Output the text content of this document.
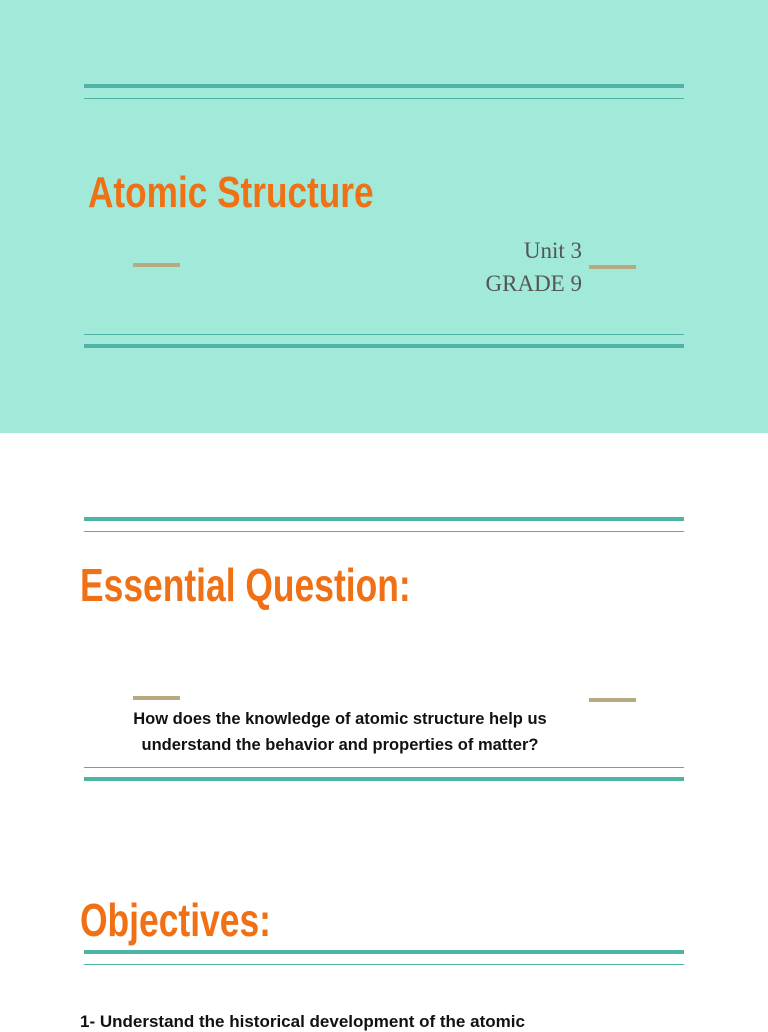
Atomic Structure
Unit 3
GRADE 9
Essential Question:
How does the knowledge of atomic structure help us
understand the behavior and properties of matter?
Objectives:
1- Understand the historical development of the atomic
